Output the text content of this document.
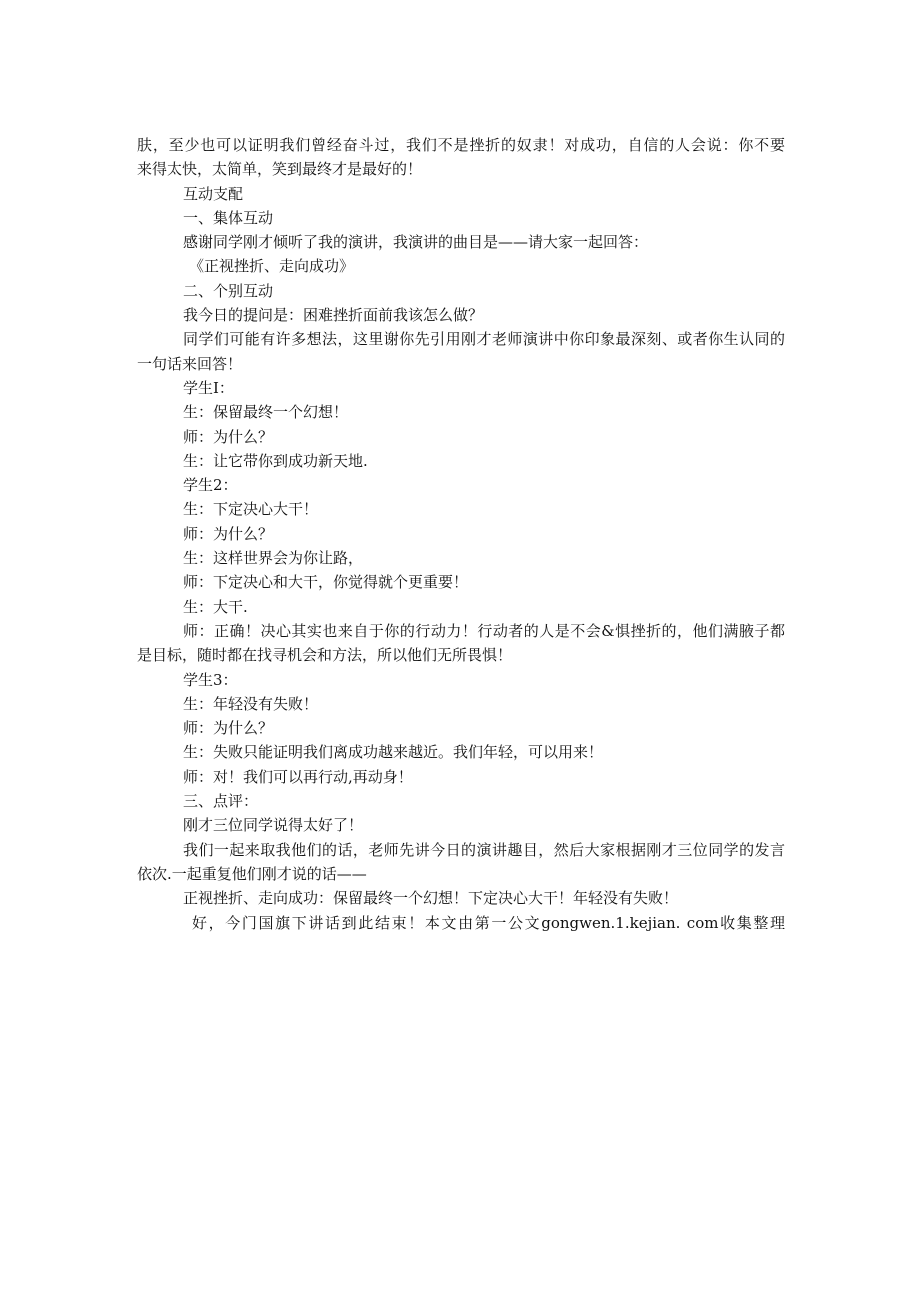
肤，至少也可以证明我们曾经奋斗过，我们不是挫折的奴隶！对成功，自信的人会说：你不要
来得太快，太简单，笑到最终才是最好的！
互动支配
一、集体互动
感谢同学刚才倾听了我的演讲，我演讲的曲目是——请大家一起回答：
《正视挫折、走向成功》
二、个别互动
我今日的提问是：困难挫折面前我该怎么做？
同学们可能有许多想法，这里谢你先引用刚才老师演讲中你印象最深刻、或者你生认同的
一句话来回答！
学生I：
生：保留最终一个幻想！
师：为什么？
生：让它带你到成功新天地.
学生2：
生：下定决心大干！
师：为什么？
生：这样世界会为你让路，
师：下定决心和大干，你觉得就个更重要！
生：大干.
师：正确！决心其实也来自于你的行动力！行动者的人是不会&惧挫折的，他们满腋子都
是目标，随时都在找寻机会和方法，所以他们无所畏惧！
学生3：
生：年轻没有失败！
师：为什么？
生：失败只能证明我们离成功越来越近。我们年轻，可以用来！
师：对！我们可以再行动,再动身！
三、点评：
刚才三位同学说得太好了！
我们一起来取我他们的话，老师先讲今日的演讲趣目，然后大家根据刚才三位同学的发言
依次.一起重复他们刚才说的话——
正视挫折、走向成功：保留最终一个幻想！下定决心大干！年轻没有失败！
好，今门国旗下讲话到此结束！本文由第一公文gongwen.1.kejian. com收集整理
